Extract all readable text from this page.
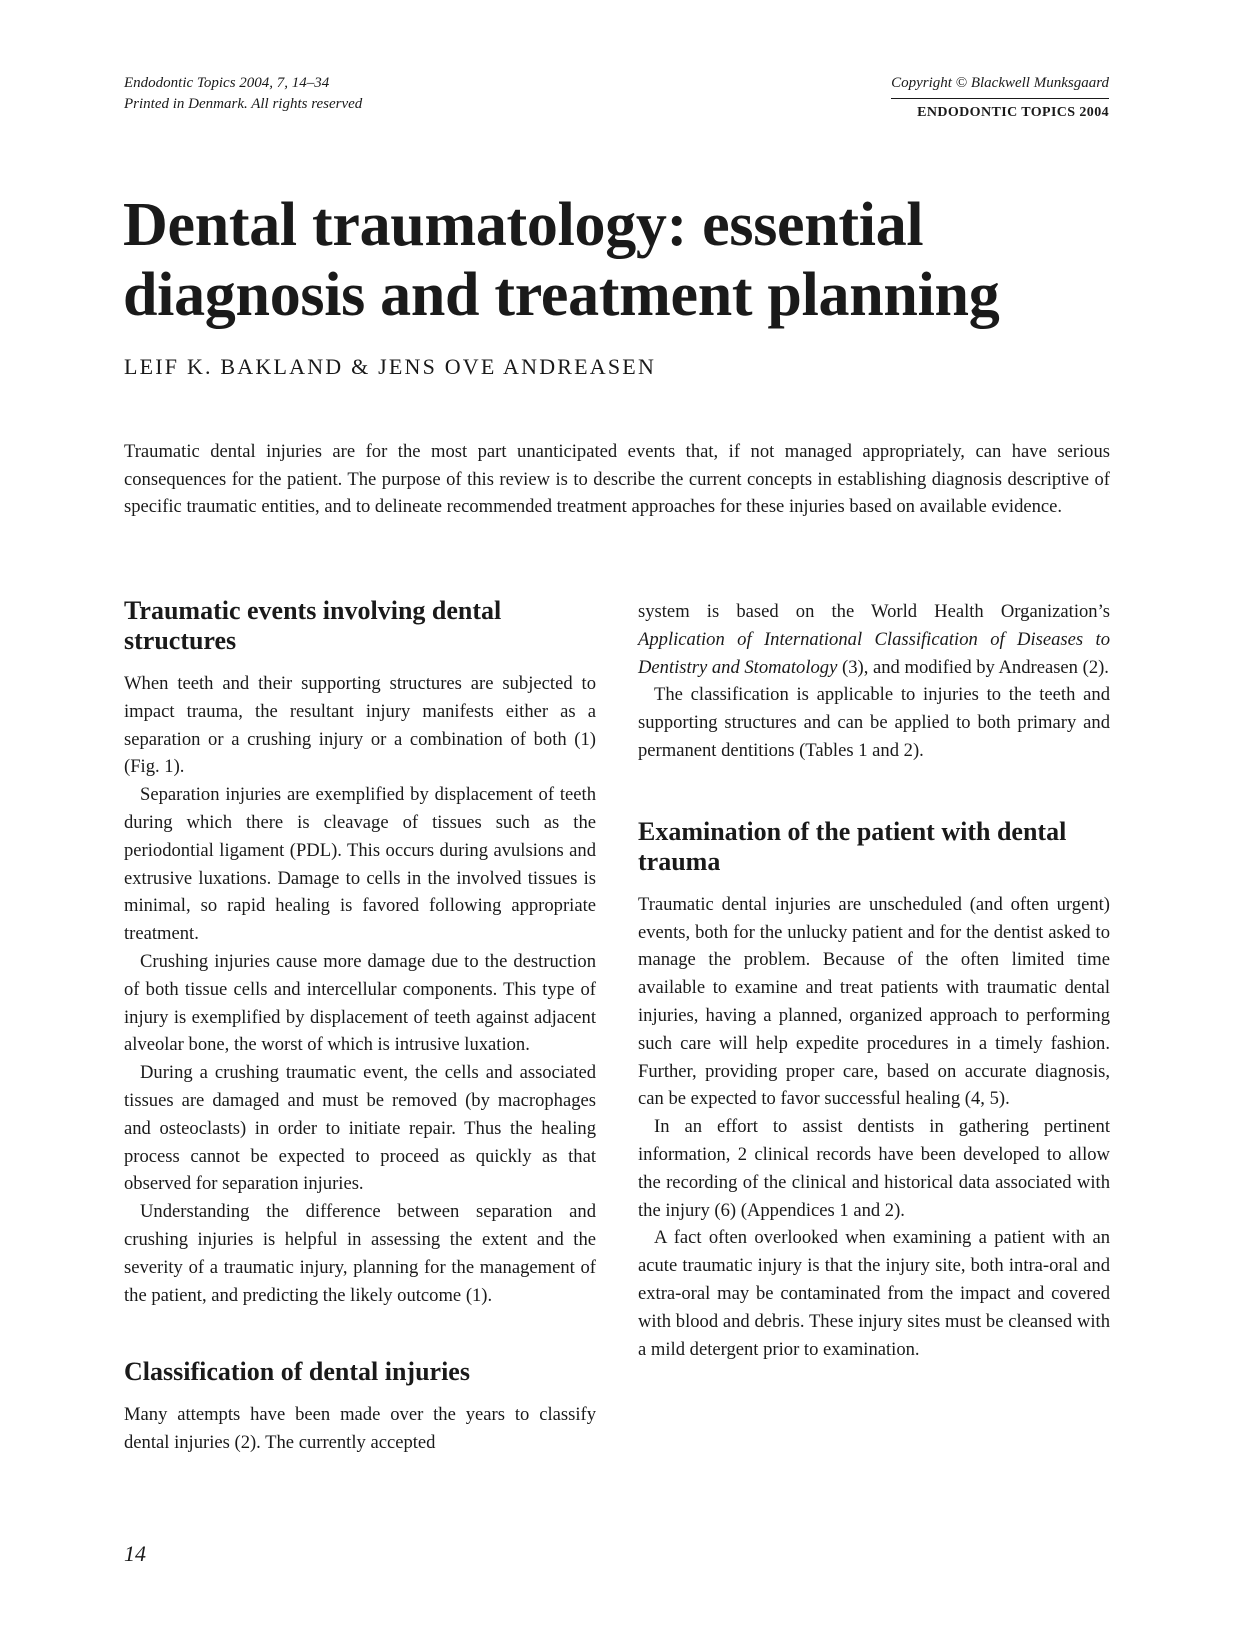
Endodontic Topics 2004, 7, 14–34
Printed in Denmark. All rights reserved
Copyright © Blackwell Munksgaard
ENDODONTIC TOPICS 2004
Dental traumatology: essential
diagnosis and treatment planning
LEIF K. BAKLAND & JENS OVE ANDREASEN

Traumatic dental injuries are for the most part unanticipated events that, if not managed appropriately, can have serious consequences for the patient. The purpose of this review is to describe the current concepts in establishing diagnosis descriptive of specific traumatic entities, and to delineate recommended treatment approaches for these injuries based on available evidence.

Traumatic events involving dental structures

When teeth and their supporting structures are subjected to impact trauma, the resultant injury manifests either as a separation or a crushing injury or a combination of both (1) (Fig. 1).

Separation injuries are exemplified by displacement of teeth during which there is cleavage of tissues such as the periodontial ligament (PDL). This occurs during avulsions and extrusive luxations. Damage to cells in the involved tissues is minimal, so rapid healing is favored following appropriate treatment.

Crushing injuries cause more damage due to the destruction of both tissue cells and intercellular components. This type of injury is exemplified by displacement of teeth against adjacent alveolar bone, the worst of which is intrusive luxation.

During a crushing traumatic event, the cells and associated tissues are damaged and must be removed (by macrophages and osteoclasts) in order to initiate repair. Thus the healing process cannot be expected to proceed as quickly as that observed for separation injuries.

Understanding the difference between separation and crushing injuries is helpful in assessing the extent and the severity of a traumatic injury, planning for the management of the patient, and predicting the likely outcome (1).

Classification of dental injuries

Many attempts have been made over the years to classify dental injuries (2). The currently accepted

system is based on the World Health Organization’s Application of International Classification of Diseases to Dentistry and Stomatology (3), and modified by Andreasen (2).

The classification is applicable to injuries to the teeth and supporting structures and can be applied to both primary and permanent dentitions (Tables 1 and 2).

Examination of the patient with dental trauma

Traumatic dental injuries are unscheduled (and often urgent) events, both for the unlucky patient and for the dentist asked to manage the problem. Because of the often limited time available to examine and treat patients with traumatic dental injuries, having a planned, organized approach to performing such care will help expedite procedures in a timely fashion. Further, providing proper care, based on accurate diagnosis, can be expected to favor successful healing (4, 5).

In an effort to assist dentists in gathering pertinent information, 2 clinical records have been developed to allow the recording of the clinical and historical data associated with the injury (6) (Appendices 1 and 2).

A fact often overlooked when examining a patient with an acute traumatic injury is that the injury site, both intra-oral and extra-oral may be contaminated from the impact and covered with blood and debris. These injury sites must be cleansed with a mild detergent prior to examination.

14
